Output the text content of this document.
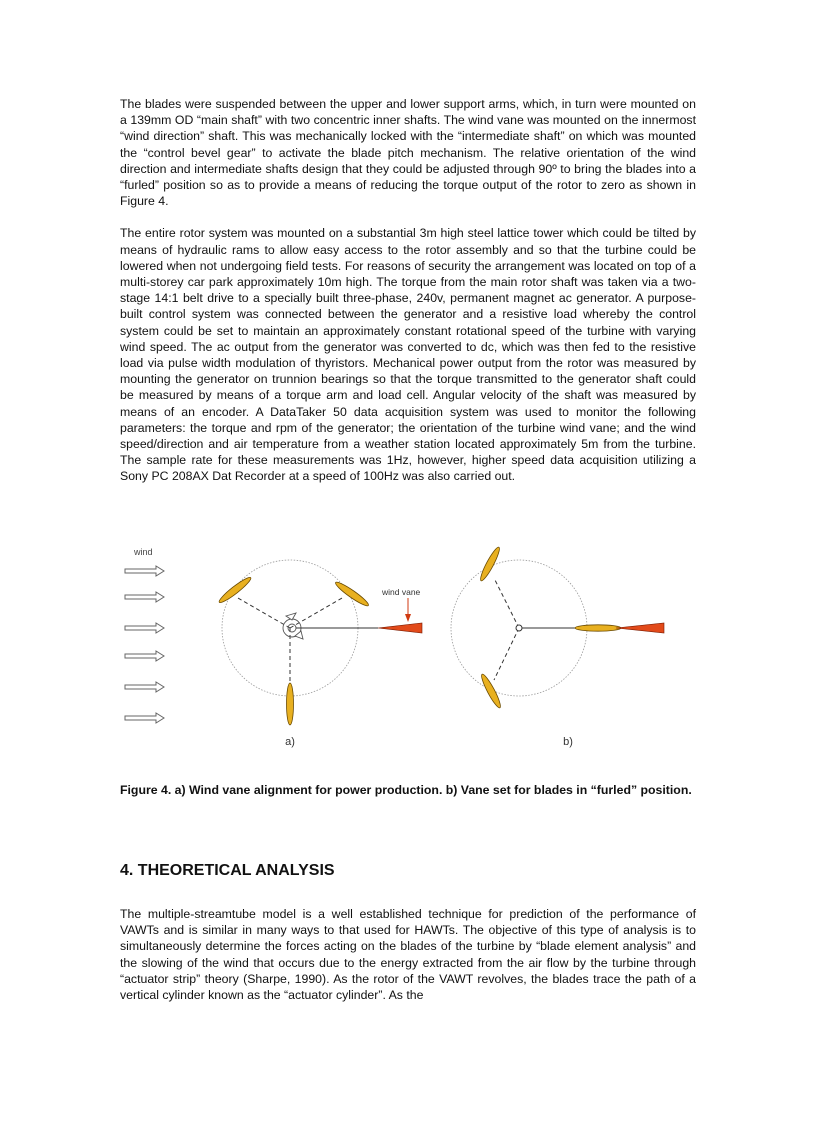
The blades were suspended between the upper and lower support arms, which, in turn were mounted on a 139mm OD “main shaft” with two concentric inner shafts. The wind vane was mounted on the innermost “wind direction” shaft. This was mechanically locked with the “intermediate shaft” on which was mounted the “control bevel gear” to activate the blade pitch mechanism. The relative orientation of the wind direction and intermediate shafts design that they could be adjusted through 90º to bring the blades into a “furled” position so as to provide a means of reducing the torque output of the rotor to zero as shown in Figure 4.

The entire rotor system was mounted on a substantial 3m high steel lattice tower which could be tilted by means of hydraulic rams to allow easy access to the rotor assembly and so that the turbine could be lowered when not undergoing field tests. For reasons of security the arrangement was located on top of a multi-storey car park approximately 10m high. The torque from the main rotor shaft was taken via a two-stage 14:1 belt drive to a specially built three-phase, 240v, permanent magnet ac generator. A purpose-built control system was connected between the generator and a resistive load whereby the control system could be set to maintain an approximately constant rotational speed of the turbine with varying wind speed. The ac output from the generator was converted to dc, which was then fed to the resistive load via pulse width modulation of thyristors. Mechanical power output from the rotor was measured by mounting the generator on trunnion bearings so that the torque transmitted to the generator shaft could be measured by means of a torque arm and load cell. Angular velocity of the shaft was measured by means of an encoder. A DataTaker 50 data acquisition system was used to monitor the following parameters: the torque and rpm of the generator; the orientation of the turbine wind vane; and the wind speed/direction and air temperature from a weather station located approximately 5m from the turbine. The sample rate for these measurements was 1Hz, however, higher speed data acquisition utilizing a Sony PC 208AX Dat Recorder at a speed of 100Hz was also carried out.

wind
wind vane
a)	b)

Figure 4. a) Wind vane alignment for power production. b) Vane set for blades in “furled” position.

4. THEORETICAL ANALYSIS

The multiple-streamtube model is a well established technique for prediction of the performance of VAWTs and is similar in many ways to that used for HAWTs. The objective of this type of analysis is to simultaneously determine the forces acting on the blades of the turbine by “blade element analysis” and the slowing of the wind that occurs due to the energy extracted from the air flow by the turbine through “actuator strip” theory (Sharpe, 1990). As the rotor of the VAWT revolves, the blades trace the path of a vertical cylinder known as the “actuator cylinder”. As the
